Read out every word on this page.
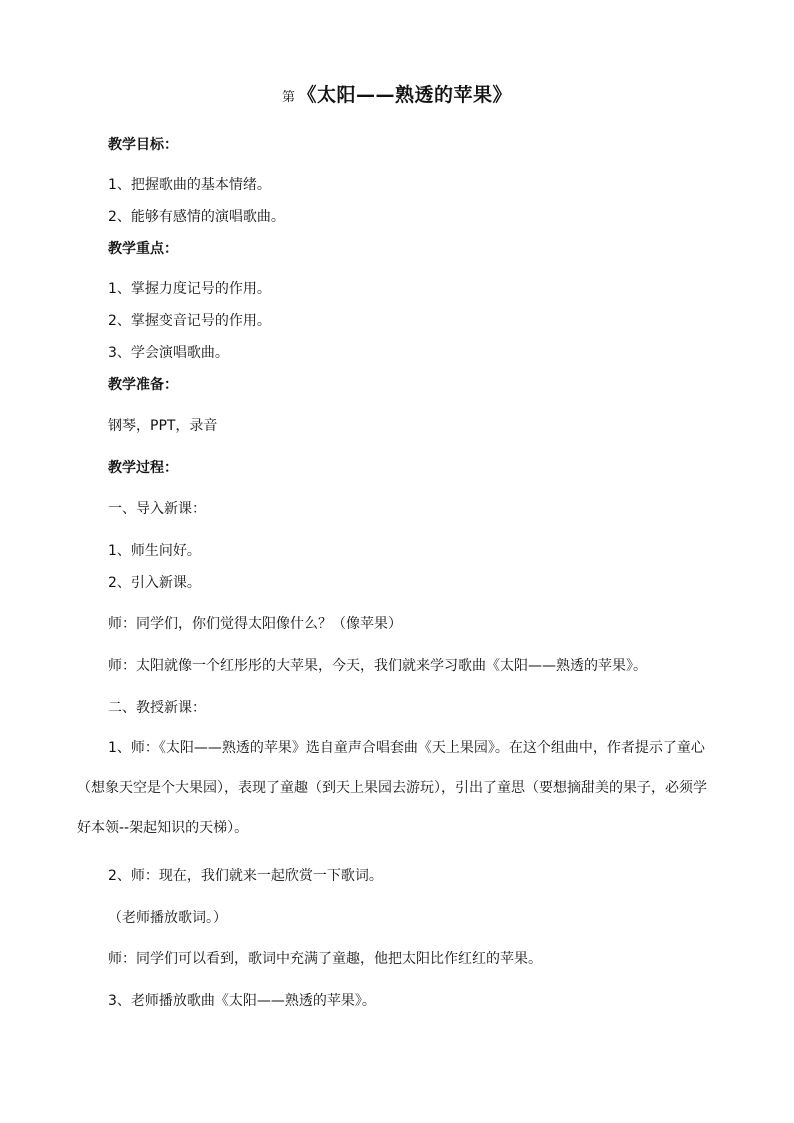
第 《太阳——熟透的苹果》
教学目标：
1、把握歌曲的基本情绪。
2、能够有感情的演唱歌曲。
教学重点：
1、掌握力度记号的作用。
2、掌握变音记号的作用。
3、学会演唱歌曲。
教学准备：
钢琴，PPT，录音
教学过程：
一、导入新课：
1、师生问好。
2、引入新课。
师：同学们，你们觉得太阳像什么？（像苹果）
师：太阳就像一个红彤彤的大苹果，今天，我们就来学习歌曲《太阳——熟透的苹果》。
二、教授新课：
1、师：《太阳——熟透的苹果》选自童声合唱套曲《天上果园》。在这个组曲中，作者提示了童心（想象天空是个大果园），表现了童趣（到天上果园去游玩），引出了童思（要想摘甜美的果子，必须学好本领--架起知识的天梯）。
2、师：现在，我们就来一起欣赏一下歌词。
（老师播放歌词。）
师：同学们可以看到，歌词中充满了童趣，他把太阳比作红红的苹果。
3、老师播放歌曲《太阳——熟透的苹果》。
